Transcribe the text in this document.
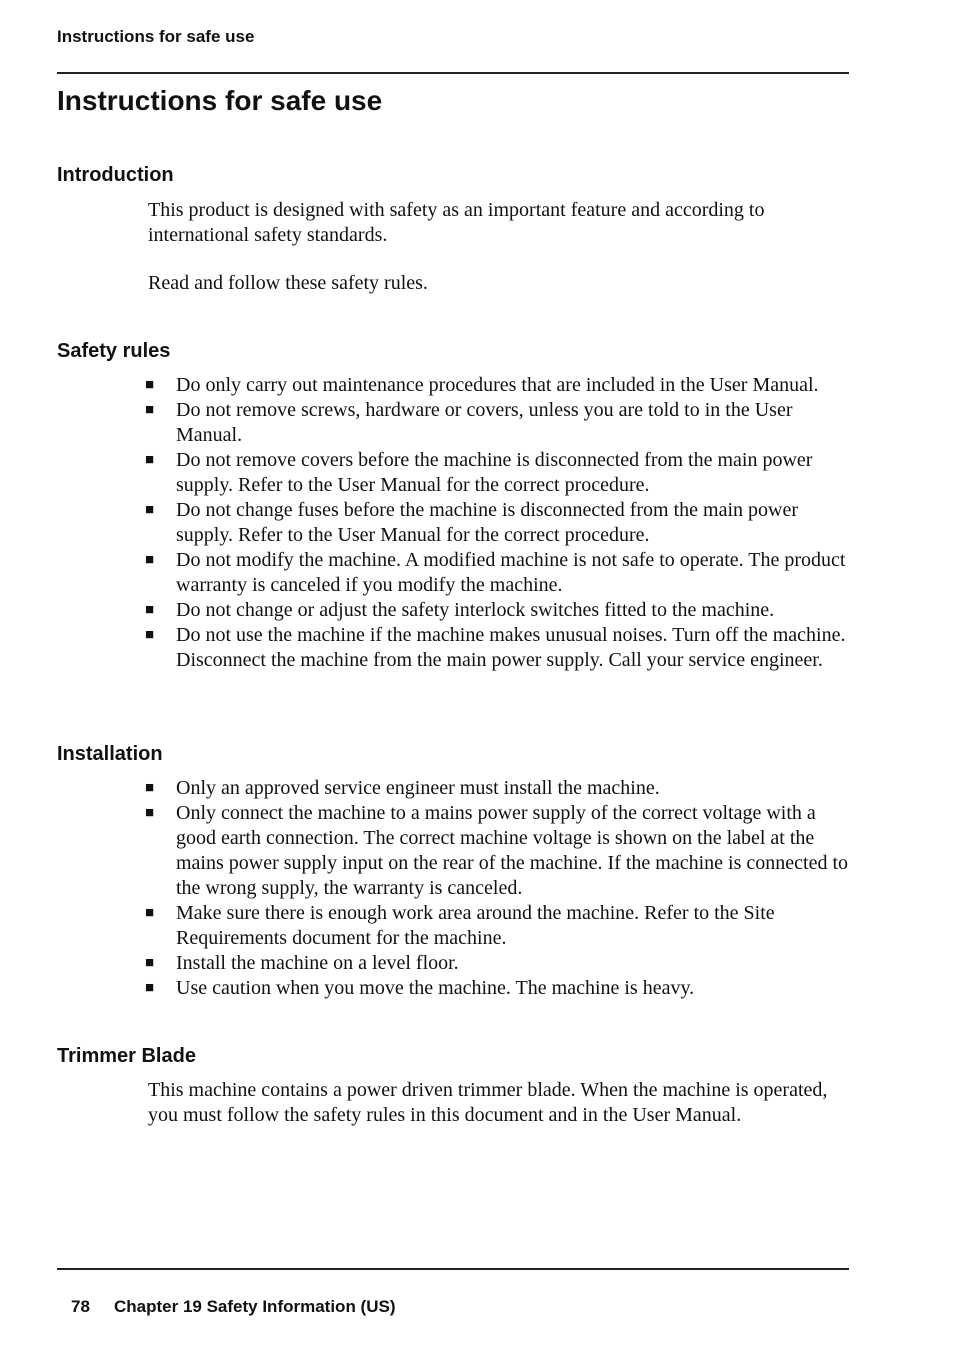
Instructions for safe use
Instructions for safe use
Introduction

This product is designed with safety as an important feature and according to international safety standards.

Read and follow these safety rules.

Safety rules
■ Do only carry out maintenance procedures that are included in the User Manual.
■ Do not remove screws, hardware or covers, unless you are told to in the User Manual.
■ Do not remove covers before the machine is disconnected from the main power supply. Refer to the User Manual for the correct procedure.
■ Do not change fuses before the machine is disconnected from the main power supply. Refer to the User Manual for the correct procedure.
■ Do not modify the machine. A modified machine is not safe to operate. The product warranty is canceled if you modify the machine.
■ Do not change or adjust the safety interlock switches fitted to the machine.
■ Do not use the machine if the machine makes unusual noises. Turn off the machine. Disconnect the machine from the main power supply. Call your service engineer.
Installation
■ Only an approved service engineer must install the machine.
■ Only connect the machine to a mains power supply of the correct voltage with a good earth connection. The correct machine voltage is shown on the label at the mains power supply input on the rear of the machine. If the machine is connected to the wrong supply, the warranty is canceled.
■ Make sure there is enough work area around the machine. Refer to the Site Requirements document for the machine.
■ Install the machine on a level floor.
■ Use caution when you move the machine. The machine is heavy.
Trimmer Blade

This machine contains a power driven trimmer blade. When the machine is operated, you must follow the safety rules in this document and in the User Manual.

78 Chapter 19 Safety Information (US)
